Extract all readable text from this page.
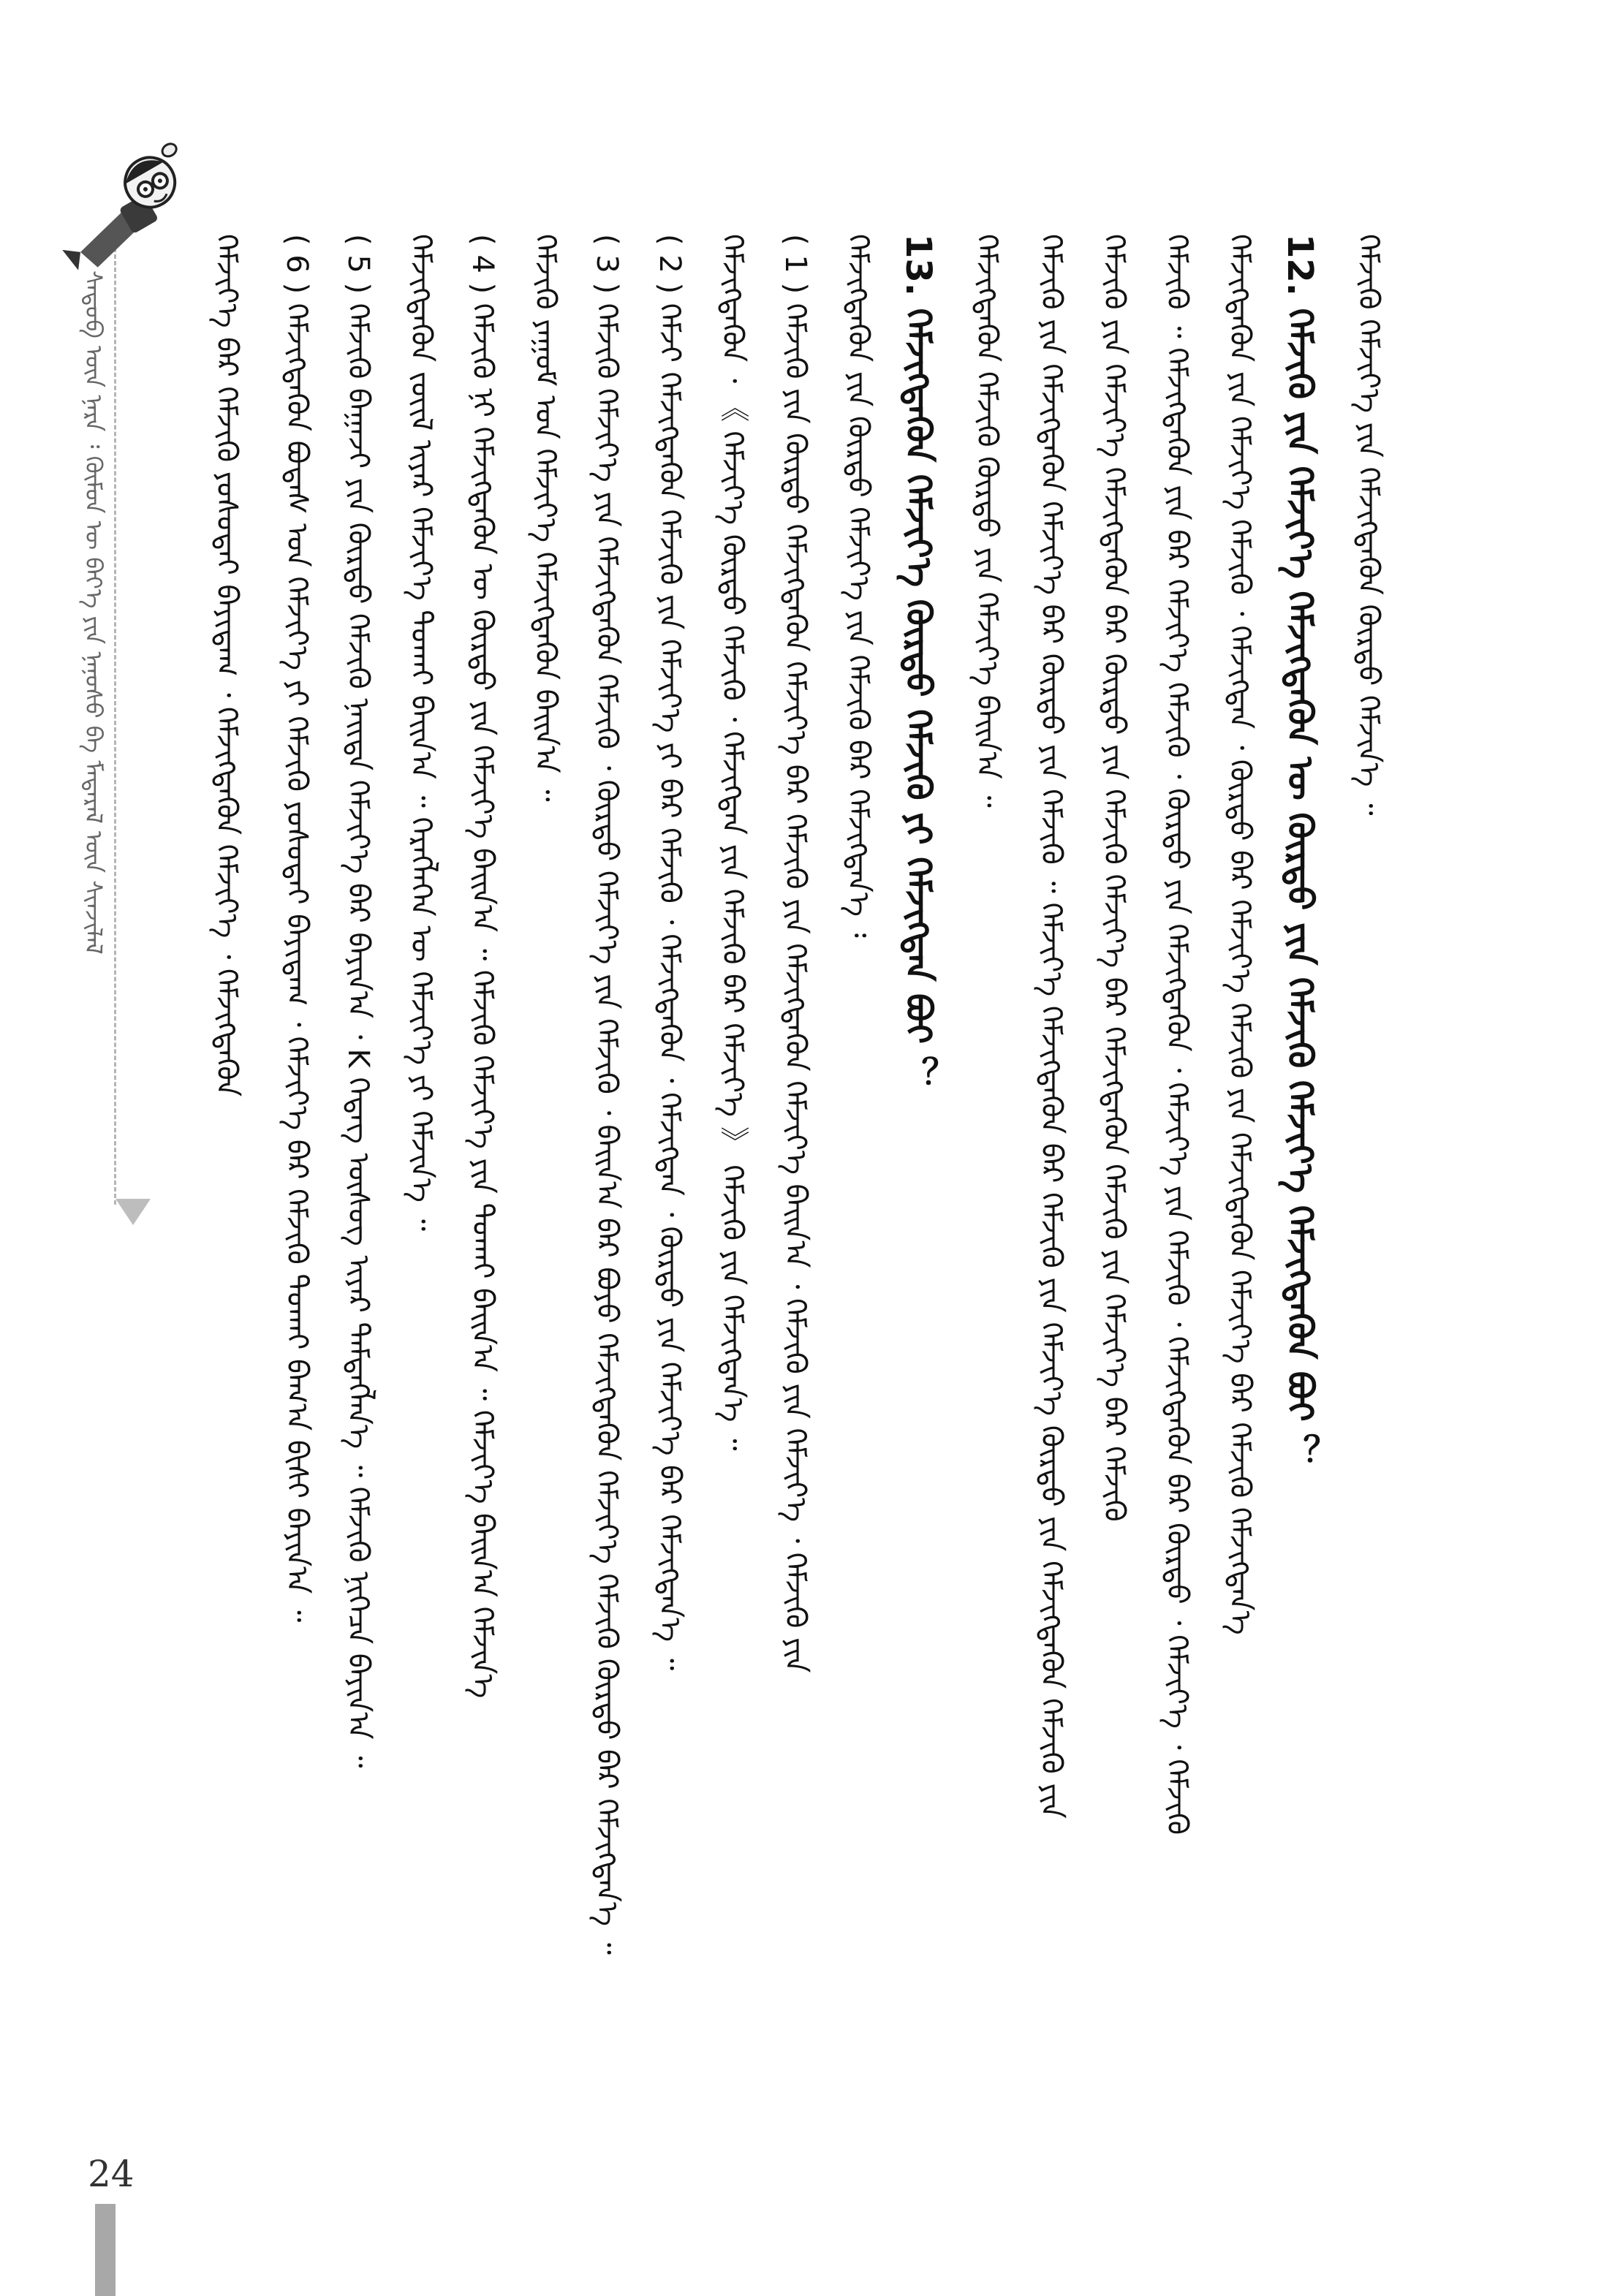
ᠰᠡᠳᠦᠪ ᠦᠨ ᠨᠡᠷᠡ ᠄ ᠬᠦᠮᠦᠨ ᠦ ᠪᠡᠶ᠎ᠡ ᠶᠢᠨ ᠨᠠᠨᠤᠰᠤ ᠪᠠ ᠮᠡᠳᠡᠷᠡᠯ ᠦᠨ ᠰᠢᠨᠵᠢᠯᠡᠯ	ᠬᠡᠮᠵᠢᠶ᠎ᠡ ᠪᠡᠷ ᠬᠡᠮᠵᠢᠬᠦ ᠶᠤᠰᠤᠲᠠᠢ ᠪᠠᠶᠢᠳᠠᠭ ᠂ ᠬᠡᠮᠵᠢᠭᠳᠡᠬᠦᠨ ᠬᠡᠮᠵᠢᠶ᠎ᠡ ᠂ ᠬᠡᠮᠵᠢᠭᠳᠡᠬᠦᠨ ( 6 ) ᠬᠡᠮᠵᠢᠭᠳᠡᠬᠦᠨ ᠪᠤᠳᠠᠰ ᠤᠨ ᠬᠡᠮᠵᠢᠶ᠎ᠡ ᠶᠢ ᠬᠡᠮᠵᠢᠬᠦ ᠶᠤᠰᠤᠲᠠᠢ ᠪᠠᠶᠢᠳᠠᠭ ᠂ ᠬᠡᠮᠵᠢᠶ᠎ᠡ ᠪᠡᠷ ᠬᠡᠮᠵᠢᠬᠦ ᠲᠤᠬᠠᠢ ᠪᠠᠭ᠎ᠠ ᠪᠢᠰᠢ ᠪᠠᠶᠢᠨ᠎ᠠ ᠃ ( 5 ) ᠬᠡᠮᠵᠢᠬᠦ ᠪᠠᠭᠠᠵᠢ ᠶᠢᠨ ᠬᠦᠷᠳᠦ ᠬᠡᠮᠵᠢᠬᠦ ᠨᠡᠢᠲᠡ ᠬᠡᠮᠵᠢᠶ᠎ᠡ ᠪᠠᠷ ᠪᠠᠶᠢᠨ᠎ᠠ ᠂ K ᠭᠡᠳᠡᠭ ᠦᠰᠦᠭ ᠢᠶᠡᠷ ᠲᠡᠮᠳᠡᠭᠯᠡᠨ᠎ᠡ ᠃ ᠬᠡᠮᠵᠢᠬᠦ ᠨᠢᠭᠡᠴᠡ ᠪᠠᠶᠢᠨ᠎ᠠ ᠃ ᠬᠡᠮᠵᠢᠭᠳᠡᠬᠦᠨ ᠵᠦᠢᠯ ᠢᠶᠡᠷ ᠬᠡᠮᠵᠢᠶ᠎ᠡ ᠲᠤᠬᠠᠢ ᠪᠠᠢᠨ᠎ᠠ ᠃ ᠬᠡᠷᠡᠭᠯᠡᠭᠡᠨ ᠦ ᠬᠡᠮᠵᠢᠶ᠎ᠡ ᠶᠢ ᠬᠡᠮᠵᠢᠨ᠎ᠡ ᠃ ( 4 ) ᠬᠡᠮᠵᠢᠬᠦ ᠨᠢ ᠬᠡᠮᠵᠢᠭᠳᠡᠬᠦᠨ ᠦ ᠬᠦᠷᠳᠦ ᠶᠢᠨ ᠬᠡᠮᠵᠢᠶ᠎ᠡ ᠪᠠᠢᠨ᠎ᠠ ᠃ ᠬᠡᠮᠵᠢᠬᠦ ᠬᠡᠮᠵᠢᠶ᠎ᠡ ᠶᠢᠨ ᠲᠤᠬᠠᠢ ᠪᠠᠢᠨ᠎ᠠ ᠃ ᠬᠡᠮᠵᠢᠶ᠎ᠡ ᠪᠠᠢᠨ᠎ᠠ ᠬᠡᠮᠵᠢᠨ᠎ᠡ ᠬᠡᠮᠵᠢᠬᠦ ᠶᠠᠭᠤᠮ ᠤᠨ ᠬᠡᠮᠵᠢᠶ᠎ᠡ ᠬᠡᠮᠵᠢᠭᠳᠡᠬᠦᠨ ᠪᠠᠢᠨ᠎ᠠ ᠃ ( 3 ) ᠬᠡᠮᠵᠢᠬᠦ ᠬᠡᠮᠵᠢᠶ᠎ᠡ ᠶᠢᠨ ᠬᠡᠮᠵᠢᠭᠳᠡᠬᠦᠨ ᠬᠡᠮᠵᠢᠬᠦ ᠂ ᠬᠦᠷᠳᠦ ᠬᠡᠮᠵᠢᠶ᠎ᠡ ᠶᠢᠨ ᠬᠡᠮᠵᠢᠬᠦ ᠂ ᠪᠠᠢᠨ᠎ᠠ ᠪᠠᠷ ᠪᠤᠶᠤ ᠬᠡᠮᠵᠢᠭᠳᠡᠬᠦᠨ ᠬᠡᠮᠵᠢᠶ᠎ᠡ ᠬᠡᠮᠵᠢᠬᠦ ᠬᠦᠷᠳᠦ ᠪᠠᠷ ᠬᠡᠮᠵᠢᠭᠳᠡᠨ᠎ᠡ ᠃ ( 2 ) ᠬᠡᠮᠵᠢ ᠬᠡᠮᠵᠢᠭᠳᠡᠬᠦᠨ ᠬᠡᠮᠵᠢᠬᠦ ᠶᠢᠨ ᠬᠡᠮᠵᠢᠶ᠎ᠡ ᠶᠢ ᠪᠠᠷ ᠬᠡᠮᠵᠢᠬᠦ ᠂ ᠬᠡᠮᠵᠢᠭᠳᠡᠬᠦᠨ ᠂ ᠬᠡᠮᠵᠢᠭᠳᠡᠨ ᠂ ᠬᠦᠷᠳᠦ ᠶᠢᠨ ᠬᠡᠮᠵᠢᠶ᠎ᠡ ᠪᠠᠷ ᠬᠡᠮᠵᠢᠭᠳᠡᠨ᠎ᠡ ᠃ ᠬᠡᠮᠵᠢᠭᠳᠡᠬᠦᠨ ᠂ 《 ᠬᠡᠮᠵᠢᠶ᠎ᠡ ᠬᠦᠷᠳᠦ ᠬᠡᠮᠵᠢᠬᠦ ᠂ ᠬᠡᠮᠵᠢᠭᠳᠡᠨ ᠶᠢᠨ ᠬᠡᠮᠵᠢᠬᠦ ᠪᠠᠷ ᠬᠡᠮᠵᠢᠶ᠎ᠡ 》 ᠬᠡᠮᠵᠢᠬᠦ ᠶᠢᠨ ᠬᠡᠮᠵᠢᠭᠳᠡᠨ᠎ᠡ ᠃ ( 1 ) ᠬᠡᠮᠵᠢᠬᠦ ᠶᠢᠨ ᠬᠦᠷᠳᠦ ᠬᠡᠮᠵᠢᠭᠳᠡᠬᠦᠨ ᠬᠡᠮᠵᠢᠶ᠎ᠡ ᠪᠠᠷ ᠬᠡᠮᠵᠢᠬᠦ ᠶᠢᠨ ᠬᠡᠮᠵᠢᠭᠳᠡᠬᠦᠨ ᠬᠡᠮᠵᠢᠶ᠎ᠡ ᠪᠠᠢᠨ᠎ᠠ ᠂ ᠬᠡᠮᠵᠢᠬᠦ ᠶᠢᠨ ᠬᠡᠮᠵᠢᠶ᠎ᠡ ᠂ ᠬᠡᠮᠵᠢᠬᠦ ᠶᠢᠨ ᠬᠡᠮᠵᠢᠭᠳᠡᠬᠦᠨ ᠶᠢᠨ ᠬᠦᠷᠳᠦ ᠬᠡᠮᠵᠢᠶ᠎ᠡ ᠶᠢᠨ ᠬᠡᠮᠵᠢᠬᠦ ᠪᠠᠷ ᠬᠡᠮᠵᠢᠭᠳᠡᠨ᠎ᠡ ᠄ 13. ᠬᠡᠮᠵᠢᠭᠳᠡᠬᠦᠨ ᠬᠡᠮᠵᠢᠶ᠎ᠡ ᠬᠦᠷᠳᠦ ᠬᠡᠮᠵᠢᠬᠦ ᠶᠢ ᠬᠡᠮᠵᠢᠭᠳᠡᠨ ᠪᠤᠢ ？ ᠬᠡᠮᠵᠢᠭᠳᠡᠬᠦᠨ ᠬᠡᠮᠵᠢᠬᠦ ᠬᠦᠷᠳᠦ ᠶᠢᠨ ᠬᠡᠮᠵᠢᠶ᠎ᠡ ᠪᠠᠢᠨ᠎ᠠ ᠃ ᠬᠡᠮᠵᠢᠬᠦ ᠶᠢᠨ ᠬᠡᠮᠵᠢᠭᠳᠡᠬᠦᠨ ᠬᠡᠮᠵᠢᠶ᠎ᠡ ᠪᠠᠷ ᠬᠦᠷᠳᠦ ᠶᠢᠨ ᠬᠡᠮᠵᠢᠬᠦ ᠃ ᠬᠡᠮᠵᠢᠶ᠎ᠡ ᠬᠡᠮᠵᠢᠭᠳᠡᠬᠦᠨ ᠪᠠᠷ ᠬᠡᠮᠵᠢᠬᠦ ᠶᠢᠨ ᠬᠡᠮᠵᠢᠶ᠎ᠡ ᠬᠦᠷᠳᠦ ᠶᠢᠨ ᠬᠡᠮᠵᠢᠭᠳᠡᠬᠦᠨ ᠬᠡᠮᠵᠢᠬᠦ ᠶᠢᠨ ᠬᠡᠮᠵᠢᠬᠦ ᠶᠢᠨ ᠬᠡᠮᠵᠢᠶ᠎ᠡ ᠬᠡᠮᠵᠢᠭᠳᠡᠬᠦᠨ ᠪᠠᠷ ᠬᠦᠷᠳᠦ ᠶᠢᠨ ᠬᠡᠮᠵᠢᠬᠦ ᠬᠡᠮᠵᠢᠶ᠎ᠡ ᠪᠠᠷ ᠬᠡᠮᠵᠢᠭᠳᠡᠬᠦᠨ ᠬᠡᠮᠵᠢᠬᠦ ᠶᠢᠨ ᠬᠡᠮᠵᠢᠶ᠎ᠡ ᠪᠠᠷ ᠬᠡᠮᠵᠢᠬᠦ ᠬᠡᠮᠵᠢᠬᠦ ᠃ ᠬᠡᠮᠵᠢᠭᠳᠡᠬᠦᠨ ᠶᠢᠨ ᠪᠠᠷ ᠬᠡᠮᠵᠢᠶ᠎ᠡ ᠬᠡᠮᠵᠢᠬᠦ ᠂ ᠬᠦᠷᠳᠦ ᠶᠢᠨ ᠬᠡᠮᠵᠢᠭᠳᠡᠬᠦᠨ ᠂ ᠬᠡᠮᠵᠢᠶ᠎ᠡ ᠶᠢᠨ ᠬᠡᠮᠵᠢᠬᠦ ᠂ ᠬᠡᠮᠵᠢᠭᠳᠡᠬᠦᠨ ᠪᠠᠷ ᠬᠦᠷᠳᠦ ᠂ ᠬᠡᠮᠵᠢᠶ᠎ᠡ ᠂ ᠬᠡᠮᠵᠢᠬᠦ ᠬᠡᠮᠵᠢᠭᠳᠡᠬᠦᠨ ᠶᠢᠨ ᠬᠡᠮᠵᠢᠶ᠎ᠡ ᠬᠡᠮᠵᠢᠬᠦ ᠂ ᠬᠡᠮᠵᠢᠭᠳᠡᠨ ᠂ ᠬᠦᠷᠳᠦ ᠪᠠᠷ ᠬᠡᠮᠵᠢᠶ᠎ᠡ ᠬᠡᠮᠵᠢᠬᠦ ᠶᠢᠨ ᠬᠡᠮᠵᠢᠭᠳᠡᠬᠦᠨ ᠬᠡᠮᠵᠢᠶ᠎ᠡ ᠪᠠᠷ ᠬᠡᠮᠵᠢᠬᠦ ᠬᠡᠮᠵᠢᠭᠳᠡᠨ᠎ᠡ 12. ᠬᠡᠮᠵᠢᠬᠦ ᠶᠢᠨ ᠬᠡᠮᠵᠢᠶ᠎ᠡ ᠬᠡᠮᠵᠢᠭᠳᠡᠬᠦᠨ ᠦ ᠬᠦᠷᠳᠦ ᠶᠢᠨ ᠬᠡᠮᠵᠢᠬᠦ ᠬᠡᠮᠵᠢᠶ᠎ᠡ ᠬᠡᠮᠵᠢᠭᠳᠡᠬᠦᠨ ᠪᠤᠢ ？ ᠬᠡᠮᠵᠢᠬᠦ ᠬᠡᠮᠵᠢᠶ᠎ᠡ ᠶᠢᠨ ᠬᠡᠮᠵᠢᠭᠳᠡᠬᠦᠨ ᠬᠦᠷᠳᠦ ᠬᠡᠮᠵᠢᠨ᠎ᠡ ᠃
24
